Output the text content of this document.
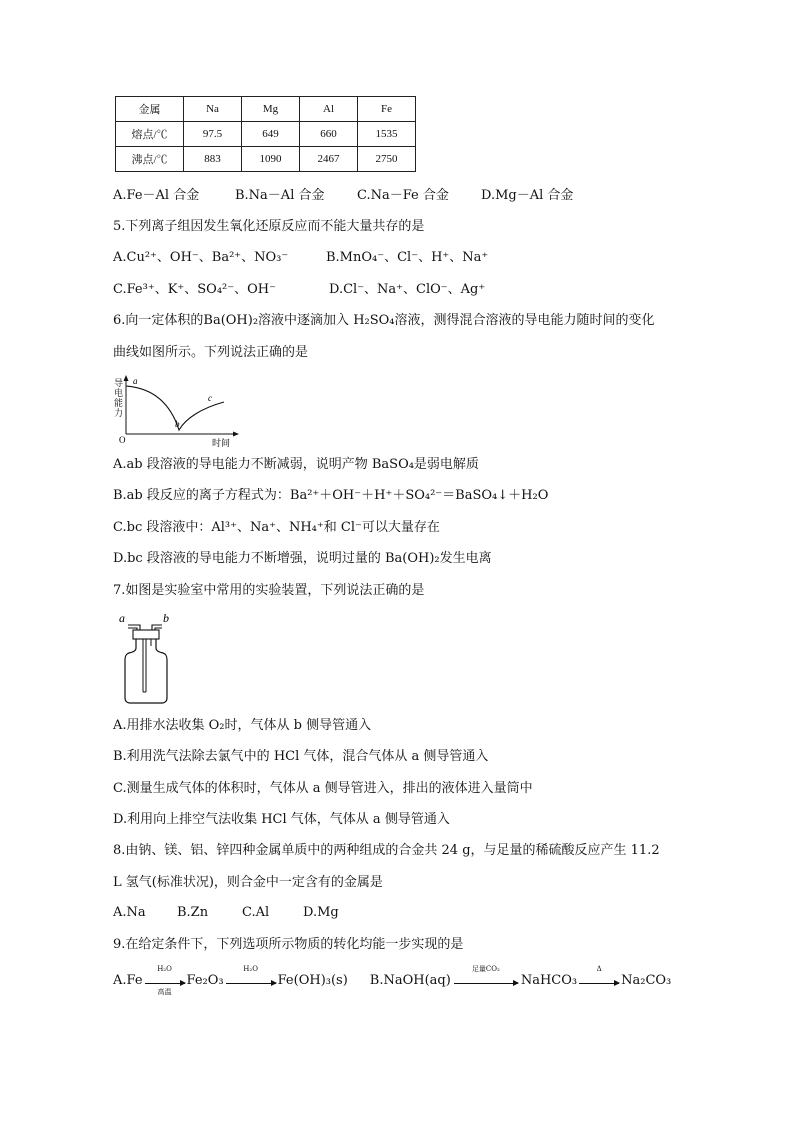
金属	Na	Mg	Al	Fe
熔点/℃	97.5	649	660	1535
沸点/℃	883	1090	2467	2750
A.Fe－Al 合金	B.Na－Al 合金	C.Na－Fe 合金 D.Mg－Al 合金
5.下列离子组因发生氧化还原反应而不能大量共存的是
A.Cu²⁺、OH⁻、Ba²⁺、NO₃⁻	B.MnO₄⁻、Cl⁻、H⁺、Na⁺
C.Fe³⁺、K⁺、SO₄²⁻、OH⁻	D.Cl⁻、Na⁺、ClO⁻、Ag⁺
6.向一定体积的Ba(OH)₂溶液中逐滴加入 H₂SO₄溶液，测得混合溶液的导电能力随时间的变化
曲线如图所示。下列说法正确的是
a
b
c
O	时间
导电能力
A.ab 段溶液的导电能力不断减弱，说明产物 BaSO₄是弱电解质
B.ab 段反应的离子方程式为：Ba²⁺＋OH⁻＋H⁺＋SO₄²⁻＝BaSO₄↓＋H₂O
C.bc 段溶液中：Al³⁺、Na⁺、NH₄⁺和 Cl⁻可以大量存在
D.bc 段溶液的导电能力不断增强，说明过量的 Ba(OH)₂发生电离
7.如图是实验室中常用的实验装置，下列说法正确的是
a	b
A.用排水法收集 O₂时，气体从 b 侧导管通入
B.利用洗气法除去氯气中的 HCl 气体，混合气体从 a 侧导管通入
C.测量生成气体的体积时，气体从 a 侧导管进入，排出的液体进入量筒中
D.利用向上排空气法收集 HCl 气体，气体从 a 侧导管通入
8.由钠、镁、铝、锌四种金属单质中的两种组成的合金共 24 g，与足量的稀硫酸反应产生 11.2
L 氢气(标准状况)，则合金中一定含有的金属是
A.Na B.Zn	C.Al	D.Mg
9.在给定条件下，下列选项所示物质的转化均能一步实现的是
A.Fe
H₂O
高温
Fe₂O₃
H₂O
Fe(OH)₃(s) B.NaOH(aq)
足量CO₂
NaHCO₃
Δ
Na₂CO₃
